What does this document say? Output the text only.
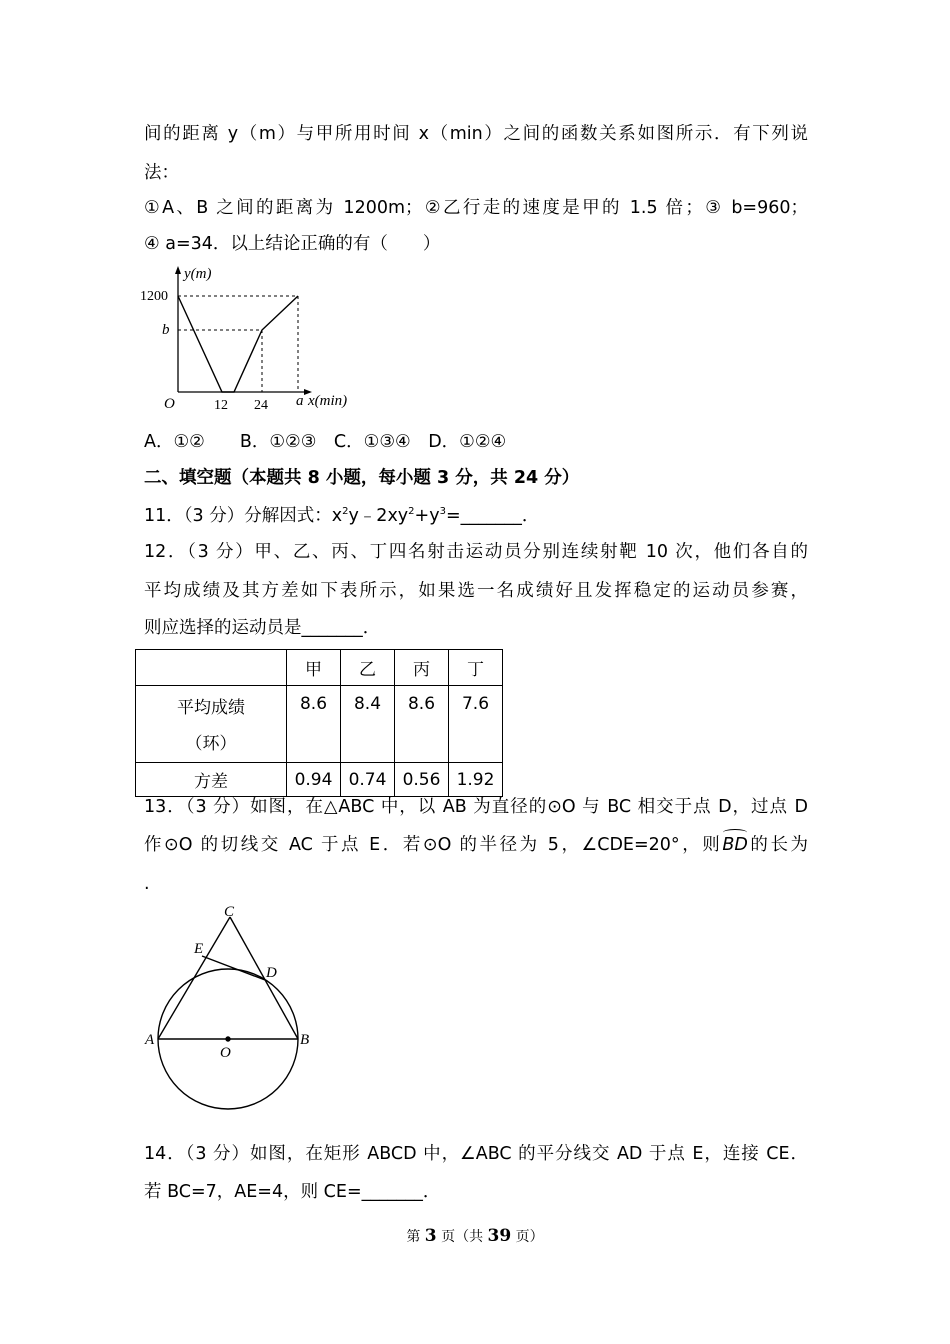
间的距离 y（m）与甲所用时间 x（min）之间的函数关系如图所示．有下列说
法：
①A、B 之间的距离为 1200m；②乙行走的速度是甲的 1.5 倍；③ b=960；
④ a=34．以上结论正确的有（　　）
y(m)
x(min)
O
1200
b
12 24 a
A．①②　　B．①②③　C．①③④　D．①②④
二、填空题（本题共 8 小题，每小题 3 分，共 24 分）
11．（3 分）分解因式：$x^2y﹣2xy^2+y^3=\_\_\_\_\_\_\_$．
12．（3 分）甲、乙、丙、丁四名射击运动员分别连续射靶 10 次，他们各自的
平均成绩及其方差如下表所示，如果选一名成绩好且发挥稳定的运动员参赛，
则应选择的运动员是_______．
	甲	乙	丙	丁
平均成绩
（环）	8.6	8.4	8.6	7.6
方差	0.94	0.74	0.56	1.92
13．（3 分）如图，在△ABC 中，以 AB 为直径的⊙O 与 BC 相交于点 D，过点 D
作⊙O 的切线交 AC 于点 E．若⊙O 的半径为 5，∠CDE=20°，则BD的长为
.
C
E
D
A
O
B
14．（3 分）如图，在矩形 ABCD 中，∠ABC 的平分线交 AD 于点 E，连接 CE．
若 BC=7，AE=4，则 CE=_______．
第 3 页（共 39 页）
